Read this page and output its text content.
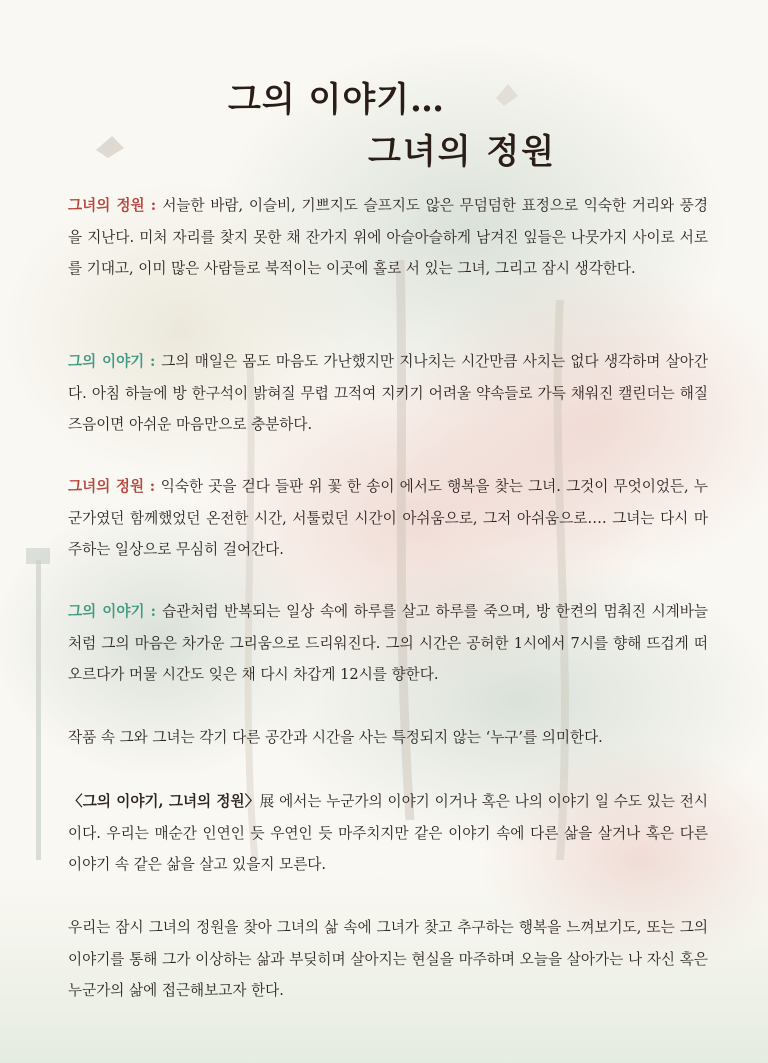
그의 이야기…
그녀의 정원

그녀의 정원 : 서늘한 바람, 이슬비, 기쁘지도 슬프지도 않은 무덤덤한 표정으로 익숙한 거리와 풍경을 지난다. 미처 자리를 찾지 못한 채 잔가지 위에 아슬아슬하게 남겨진 잎들은 나뭇가지 사이로 서로를 기대고, 이미 많은 사람들로 북적이는 이곳에 홀로 서 있는 그녀, 그리고 잠시 생각한다.

그의 이야기 : 그의 매일은 몸도 마음도 가난했지만 지나치는 시간만큼 사치는 없다 생각하며 살아간다. 아침 하늘에 방 한구석이 밝혀질 무렵 끄적여 지키기 어려울 약속들로 가득 채워진 캘린더는 해질 즈음이면 아쉬운 마음만으로 충분하다.

그녀의 정원 : 익숙한 곳을 걷다 들판 위 꽃 한 송이 에서도 행복을 찾는 그녀. 그것이 무엇이었든, 누군가였던 함께했었던 온전한 시간, 서툴렀던 시간이 아쉬움으로, 그저 아쉬움으로…. 그녀는 다시 마주하는 일상으로 무심히 걸어간다.

그의 이야기 : 습관처럼 반복되는 일상 속에 하루를 살고 하루를 죽으며, 방 한켠의 멈춰진 시계바늘처럼 그의 마음은 차가운 그리움으로 드리워진다. 그의 시간은 공허한 1시에서 7시를 향해 뜨겁게 떠오르다가 머물 시간도 잊은 채 다시 차갑게 12시를 향한다.

작품 속 그와 그녀는 각기 다른 공간과 시간을 사는 특정되지 않는 ‘누구’를 의미한다.

〈그의 이야기, 그녀의 정원〉展 에서는 누군가의 이야기 이거나 혹은 나의 이야기 일 수도 있는 전시이다. 우리는 매순간 인연인 듯 우연인 듯 마주치지만 같은 이야기 속에 다른 삶을 살거나 혹은 다른 이야기 속 같은 삶을 살고 있을지 모른다.

우리는 잠시 그녀의 정원을 찾아 그녀의 삶 속에 그녀가 찾고 추구하는 행복을 느껴보기도, 또는 그의 이야기를 통해 그가 이상하는 삶과 부딪히며 살아지는 현실을 마주하며 오늘을 살아가는 나 자신 혹은 누군가의 삶에 접근해보고자 한다.
